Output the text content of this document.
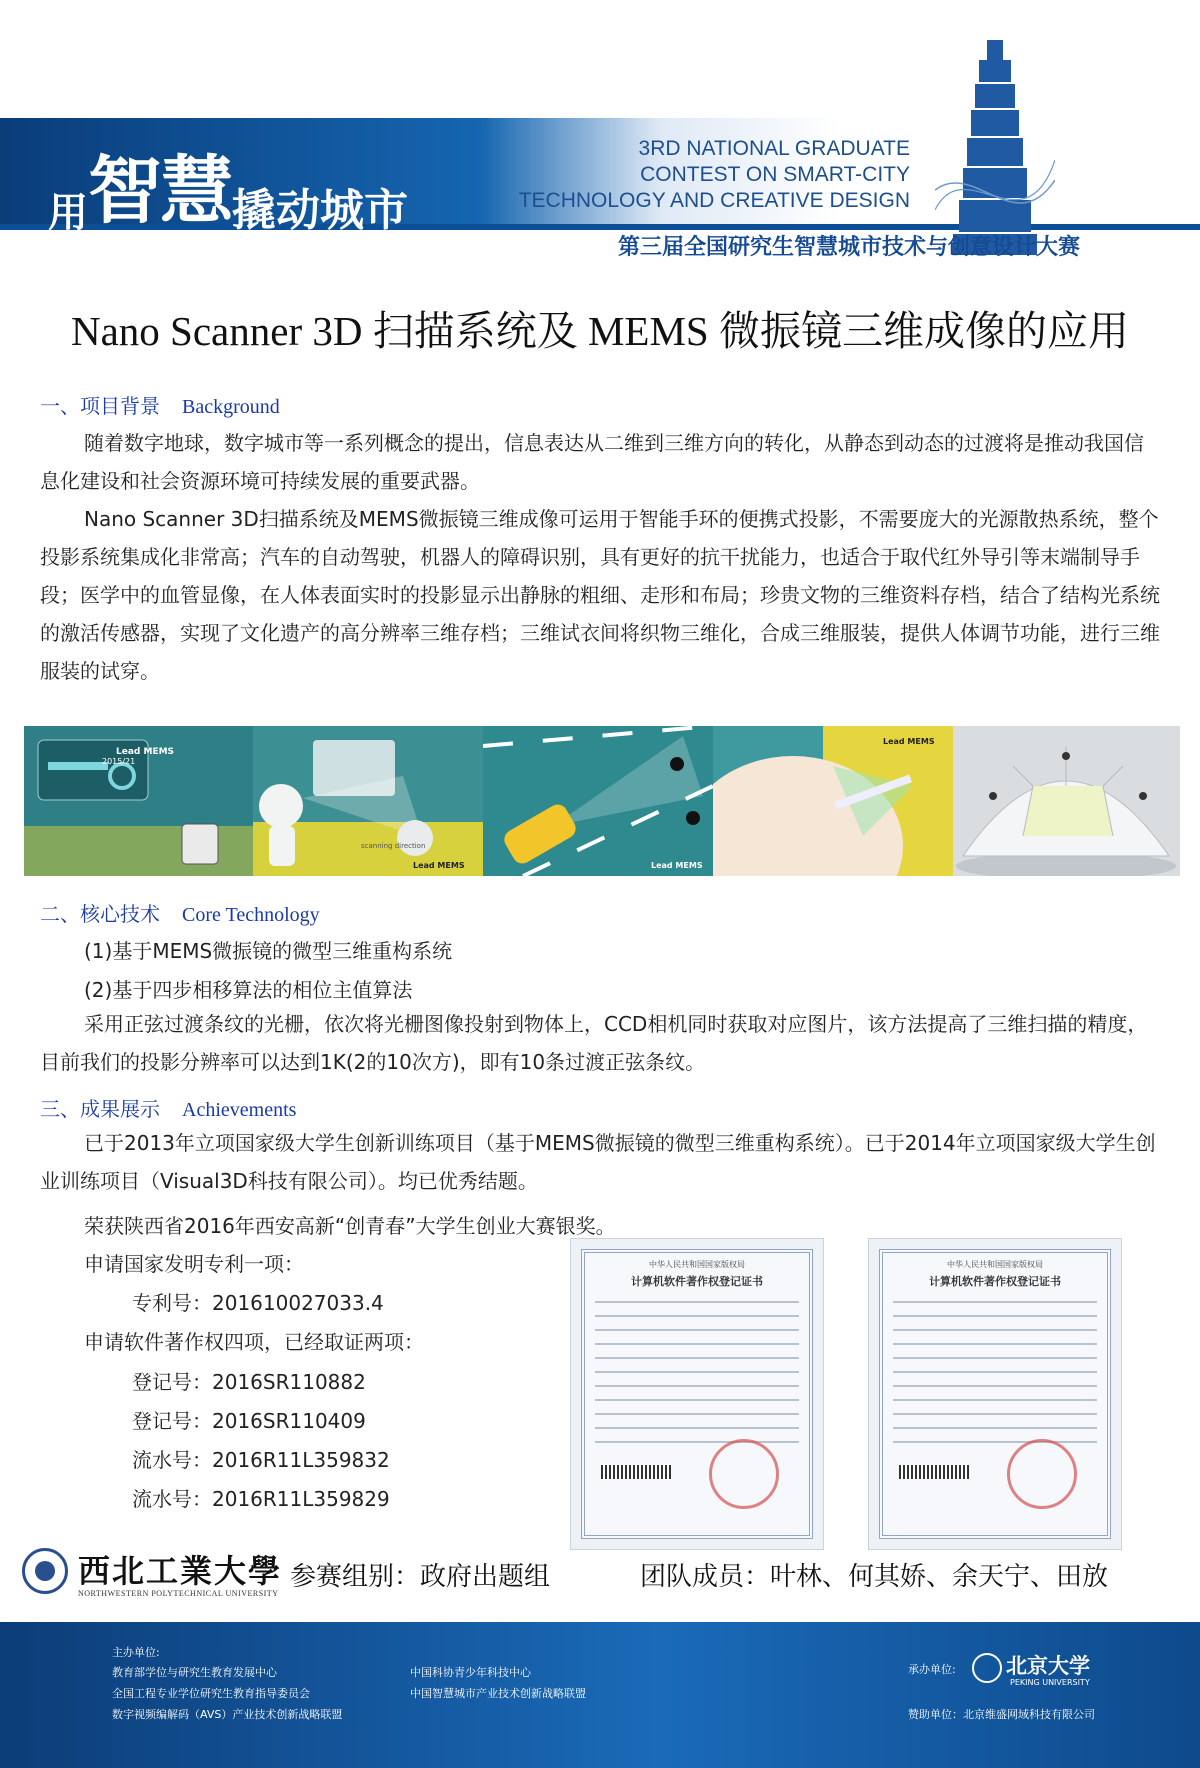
用智慧撬动城市
3RD NATIONAL GRADUATE
CONTEST ON SMART-CITY
TECHNOLOGY AND CREATIVE DESIGN
第三届全国研究生智慧城市技术与创意设计大赛
Nano Scanner 3D 扫描系统及 MEMS 微振镜三维成像的应用
一、项目背景 Background
随着数字地球，数字城市等一系列概念的提出，信息表达从二维到三维方向的转化，从静态到动态的过渡将是推动我国信息化建设和社会资源环境可持续发展的重要武器。
Nano Scanner 3D扫描系统及MEMS微振镜三维成像可运用于智能手环的便携式投影，不需要庞大的光源散热系统，整个投影系统集成化非常高；汽车的自动驾驶，机器人的障碍识别，具有更好的抗干扰能力，也适合于取代红外导引等末端制导手段；医学中的血管显像，在人体表面实时的投影显示出静脉的粗细、走形和布局；珍贵文物的三维资料存档，结合了结构光系统的激活传感器，实现了文化遗产的高分辨率三维存档；三维试衣间将织物三维化，合成三维服装，提供人体调节功能，进行三维服装的试穿。
2015/21
Lead MEMS
scanning direction
Lead MEMS	Lead MEMS
Lead MEMS
二、核心技术 Core Technology
(1)基于MEMS微振镜的微型三维重构系统
(2)基于四步相移算法的相位主值算法
采用正弦过渡条纹的光栅，依次将光栅图像投射到物体上，CCD相机同时获取对应图片，该方法提高了三维扫描的精度，目前我们的投影分辨率可以达到1K(2的10次方)，即有10条过渡正弦条纹。
三、成果展示 Achievements
已于2013年立项国家级大学生创新训练项目（基于MEMS微振镜的微型三维重构系统）。已于2014年立项国家级大学生创业训练项目（Visual3D科技有限公司）。均已优秀结题。
荣获陕西省2016年西安高新“创青春”大学生创业大赛银奖。
申请国家发明专利一项：
专利号：201610027033.4
申请软件著作权四项，已经取证两项：
登记号：2016SR110882
登记号：2016SR110409
流水号：2016R11L359832
流水号：2016R11L359829
中华人民共和国国家版权局
计算机软件著作权登记证书
中华人民共和国国家版权局
计算机软件著作权登记证书
西北工業大學
NORTHWESTERN POLYTECHNICAL UNIVERSITY
参赛组别：政府出题组	团队成员：叶林、何其娇、余天宁、田放
主办单位:
教育部学位与研究生教育发展中心
全国工程专业学位研究生教育指导委员会
数字视频编解码（AVS）产业技术创新战略联盟
中国科协青少年科技中心
中国智慧城市产业技术创新战略联盟
承办单位: 北京大学
PEKING UNIVERSITY
赞助单位：北京维盛网域科技有限公司
